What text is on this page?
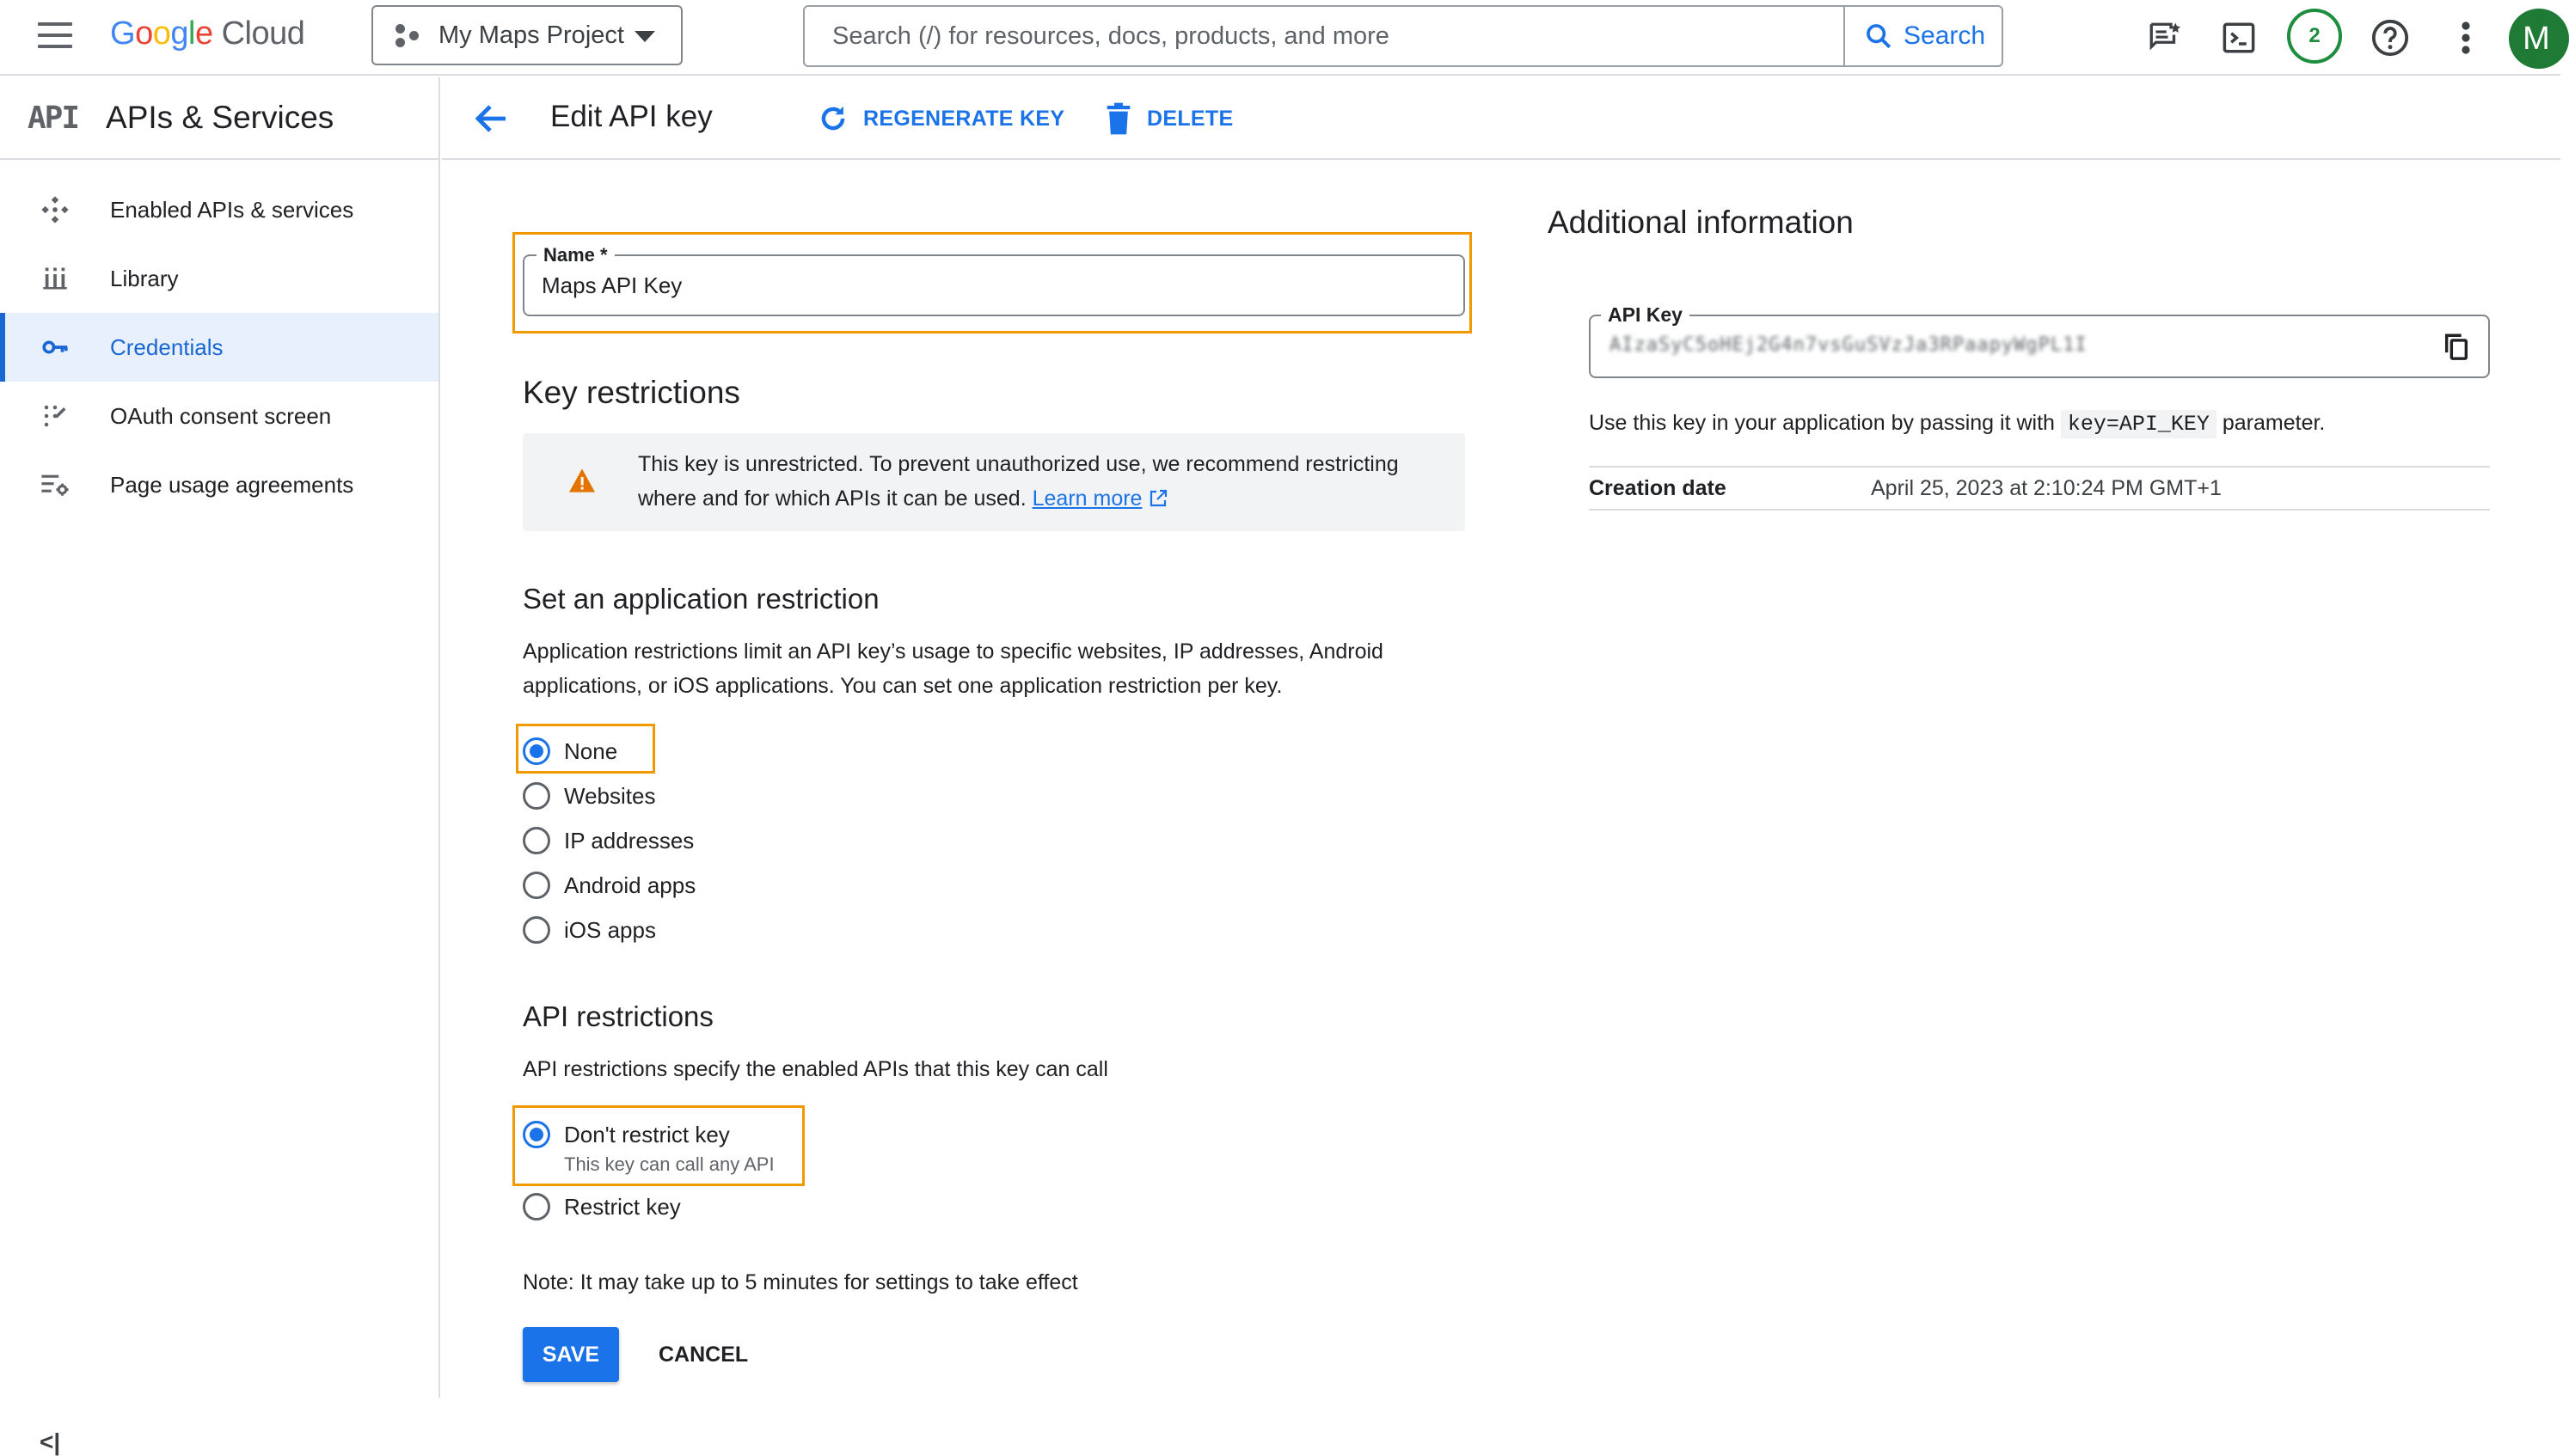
Google Cloud	My Maps Project
Search (/) for resources, docs, products, and more	Search	2	M
API APIs & Services
Enabled APIs & services
Library
Credentials
OAuth consent screen
Page usage agreements
<|
Edit API key	REGENERATE KEY	DELETE
Name *
Maps API Key
Key restrictions
This key is unrestricted. To prevent unauthorized use, we recommend restricting where and for which APIs it can be used. Learn more
Set an application restriction
Application restrictions limit an API key’s usage to specific websites, IP addresses, Android applications, or iOS applications. You can set one application restriction per key.
None
Websites
IP addresses
Android apps
iOS apps
API restrictions
API restrictions specify the enabled APIs that this key can call
Don't restrict key
This key can call any API
Restrict key
Note: It may take up to 5 minutes for settings to take effect
SAVE	CANCEL
Additional information
API Key
AIzaSyC5oHEj2G4n7vsGuSVzJa3RPaapyWgPL1I
Use this key in your application by passing it with key=API_KEY parameter.
Creation date	April 25, 2023 at 2:10:24 PM GMT+1
